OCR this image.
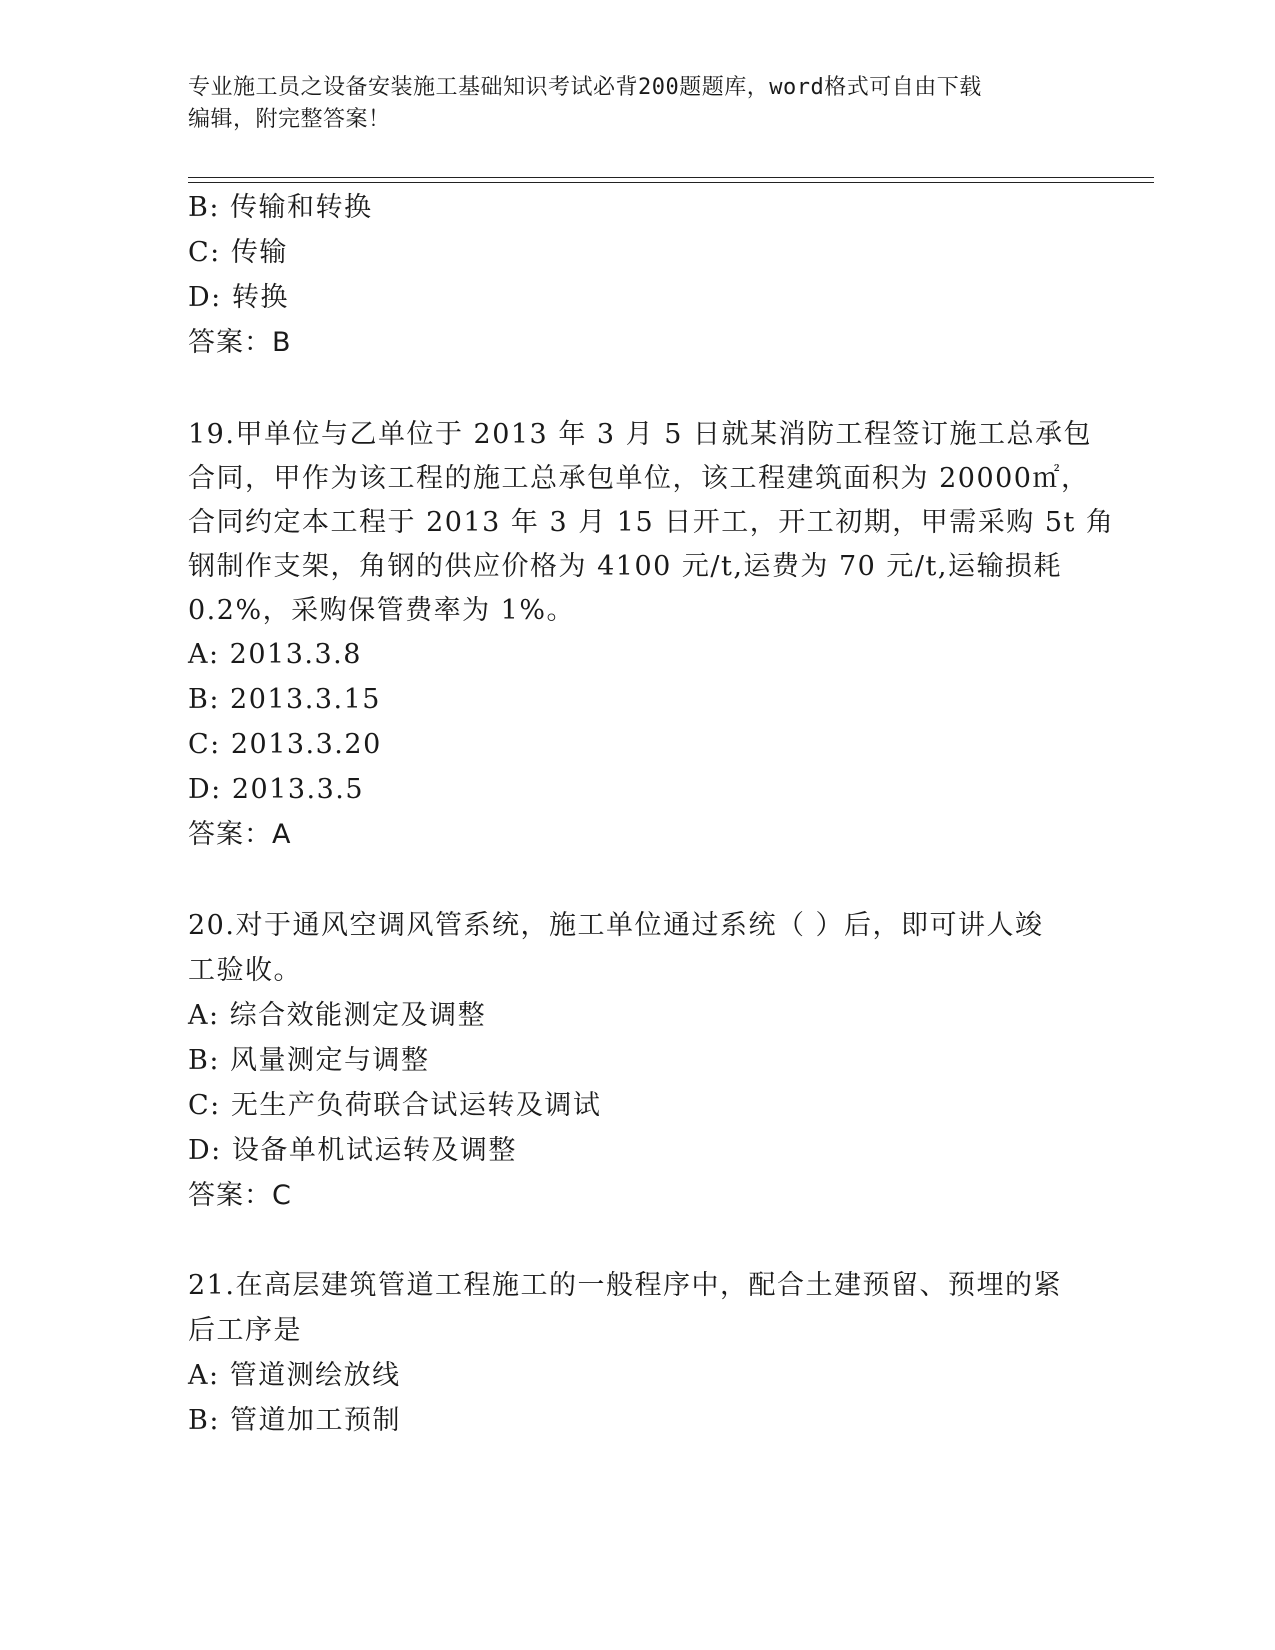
专业施工员之设备安装施工基础知识考试必背200题题库，word格式可自由下载
编辑，附完整答案！
B: 传输和转换
C: 传输
D: 转换
答案：B
19.甲单位与乙单位于 2013 年 3 月 5 日就某消防工程签订施工总承包
合同，甲作为该工程的施工总承包单位，该工程建筑面积为 20000㎡，
合同约定本工程于 2013 年 3 月 15 日开工，开工初期，甲需采购 5t 角
钢制作支架，角钢的供应价格为 4100 元/t,运费为 70 元/t,运输损耗
0.2%，采购保管费率为 1%。
A: 2013.3.8
B: 2013.3.15
C: 2013.3.20
D: 2013.3.5
答案：A
20.对于通风空调风管系统，施工单位通过系统（ ）后，即可讲人竣
工验收。
A: 综合效能测定及调整
B: 风量测定与调整
C: 无生产负荷联合试运转及调试
D: 设备单机试运转及调整
答案：C
21.在高层建筑管道工程施工的一般程序中，配合土建预留、预埋的紧
后工序是
A: 管道测绘放线
B: 管道加工预制
